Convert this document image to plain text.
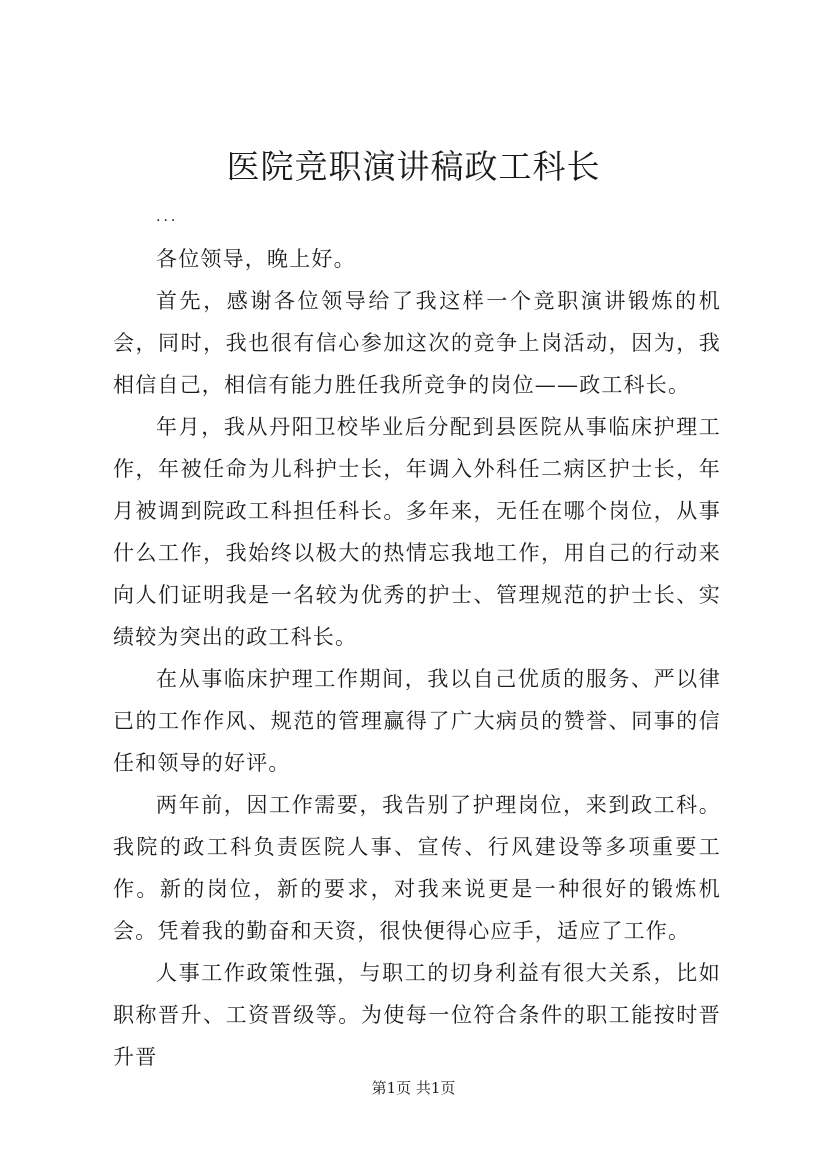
医院竞职演讲稿政工科长
...

各位领导，晚上好。

首先，感谢各位领导给了我这样一个竞职演讲锻炼的机会，同时，我也很有信心参加这次的竞争上岗活动，因为，我相信自己，相信有能力胜任我所竞争的岗位——政工科长。

年月，我从丹阳卫校毕业后分配到县医院从事临床护理工作，年被任命为儿科护士长，年调入外科任二病区护士长，年月被调到院政工科担任科长。多年来，无任在哪个岗位，从事什么工作，我始终以极大的热情忘我地工作，用自己的行动来向人们证明我是一名较为优秀的护士、管理规范的护士长、实绩较为突出的政工科长。

在从事临床护理工作期间，我以自己优质的服务、严以律已的工作作风、规范的管理赢得了广大病员的赞誉、同事的信任和领导的好评。

两年前，因工作需要，我告别了护理岗位，来到政工科。我院的政工科负责医院人事、宣传、行风建设等多项重要工作。新的岗位，新的要求，对我来说更是一种很好的锻炼机会。凭着我的勤奋和天资，很快便得心应手，适应了工作。

人事工作政策性强，与职工的切身利益有很大关系，比如职称晋升、工资晋级等。为使每一位符合条件的职工能按时晋升晋

第1页 共1页
